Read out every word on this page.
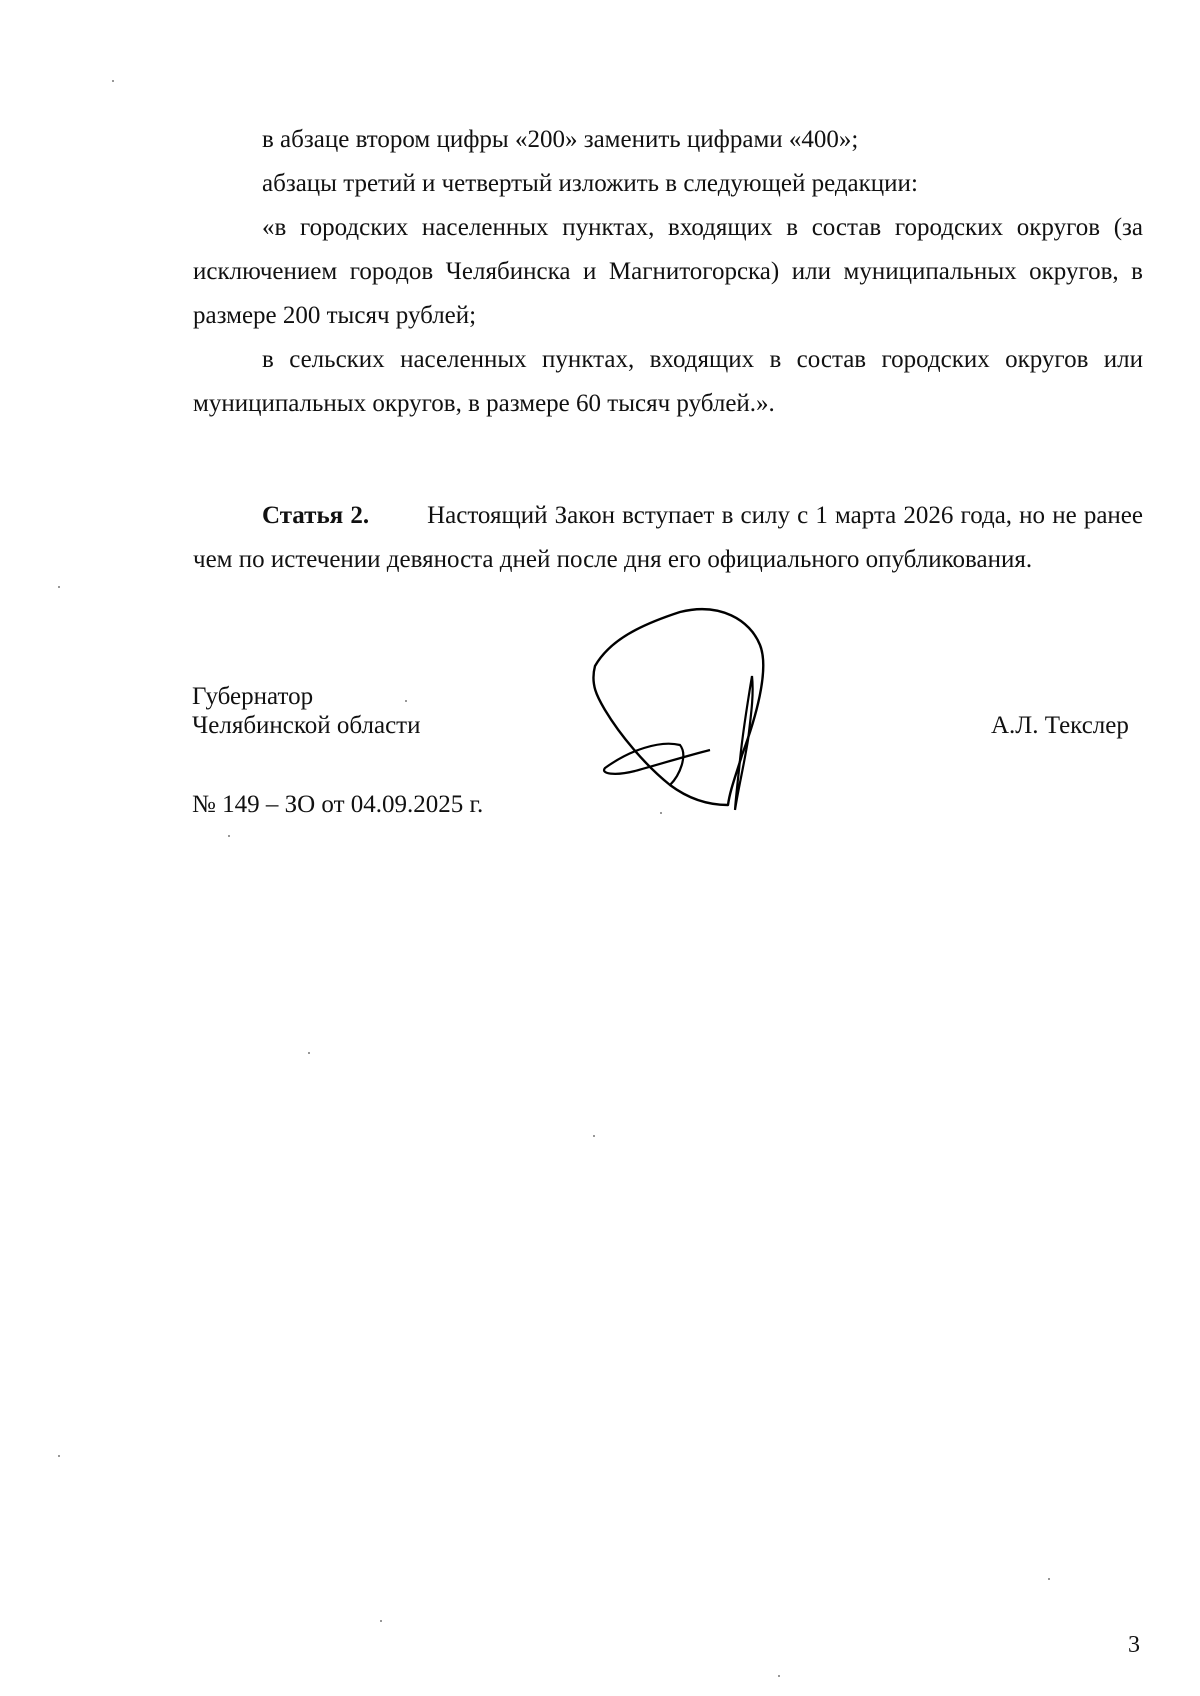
в абзаце втором цифры «200» заменить цифрами «400»;

абзацы третий и четвертый изложить в следующей редакции:

«в городских населенных пунктах, входящих в состав городских округов (за исключением городов Челябинска и Магнитогорска) или муниципальных округов, в размере 200 тысяч рублей;

в сельских населенных пунктах, входящих в состав городских округов или муниципальных округов, в размере 60 тысяч рублей.».

Статья 2. Настоящий Закон вступает в силу с 1 марта 2026 года, но не ранее чем по истечении девяноста дней после дня его официального опубликования.

Губернатор
Челябинской области	А.Л. Текслер
№ 149 – ЗО от 04.09.2025 г.
3
